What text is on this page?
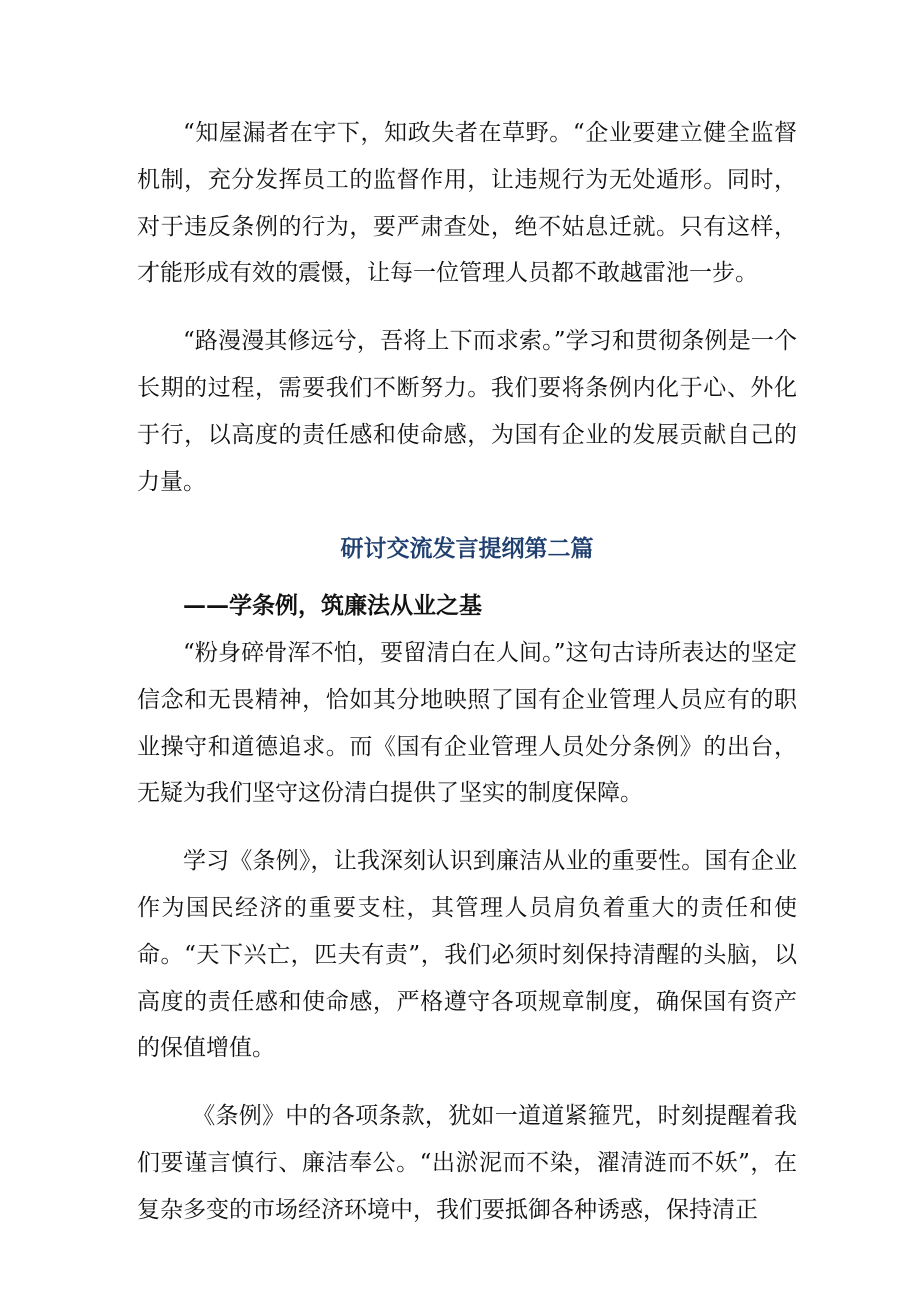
“知屋漏者在宇下，知政失者在草野。“企业要建立健全监督机制，充分发挥员工的监督作用，让违规行为无处遁形。同时，对于违反条例的行为，要严肃查处，绝不姑息迁就。只有这样，才能形成有效的震慑，让每一位管理人员都不敢越雷池一步。

“路漫漫其修远兮，吾将上下而求索。”学习和贯彻条例是一个长期的过程，需要我们不断努力。我们要将条例内化于心、外化于行，以高度的责任感和使命感，为国有企业的发展贡献自己的力量。

研讨交流发言提纲第二篇

——学条例，筑廉法从业之基

“粉身碎骨浑不怕，要留清白在人间。”这句古诗所表达的坚定信念和无畏精神，恰如其分地映照了国有企业管理人员应有的职业操守和道德追求。而《国有企业管理人员处分条例》的出台，无疑为我们坚守这份清白提供了坚实的制度保障。

学习《条例》，让我深刻认识到廉洁从业的重要性。国有企业作为国民经济的重要支柱，其管理人员肩负着重大的责任和使命。“天下兴亡，匹夫有责”，我们必须时刻保持清醒的头脑，以高度的责任感和使命感，严格遵守各项规章制度，确保国有资产的保值增值。

《条例》中的各项条款，犹如一道道紧箍咒，时刻提醒着我们要谨言慎行、廉洁奉公。“出淤泥而不染，濯清涟而不妖”，在复杂多变的市场经济环境中，我们要抵御各种诱惑，保持清正
